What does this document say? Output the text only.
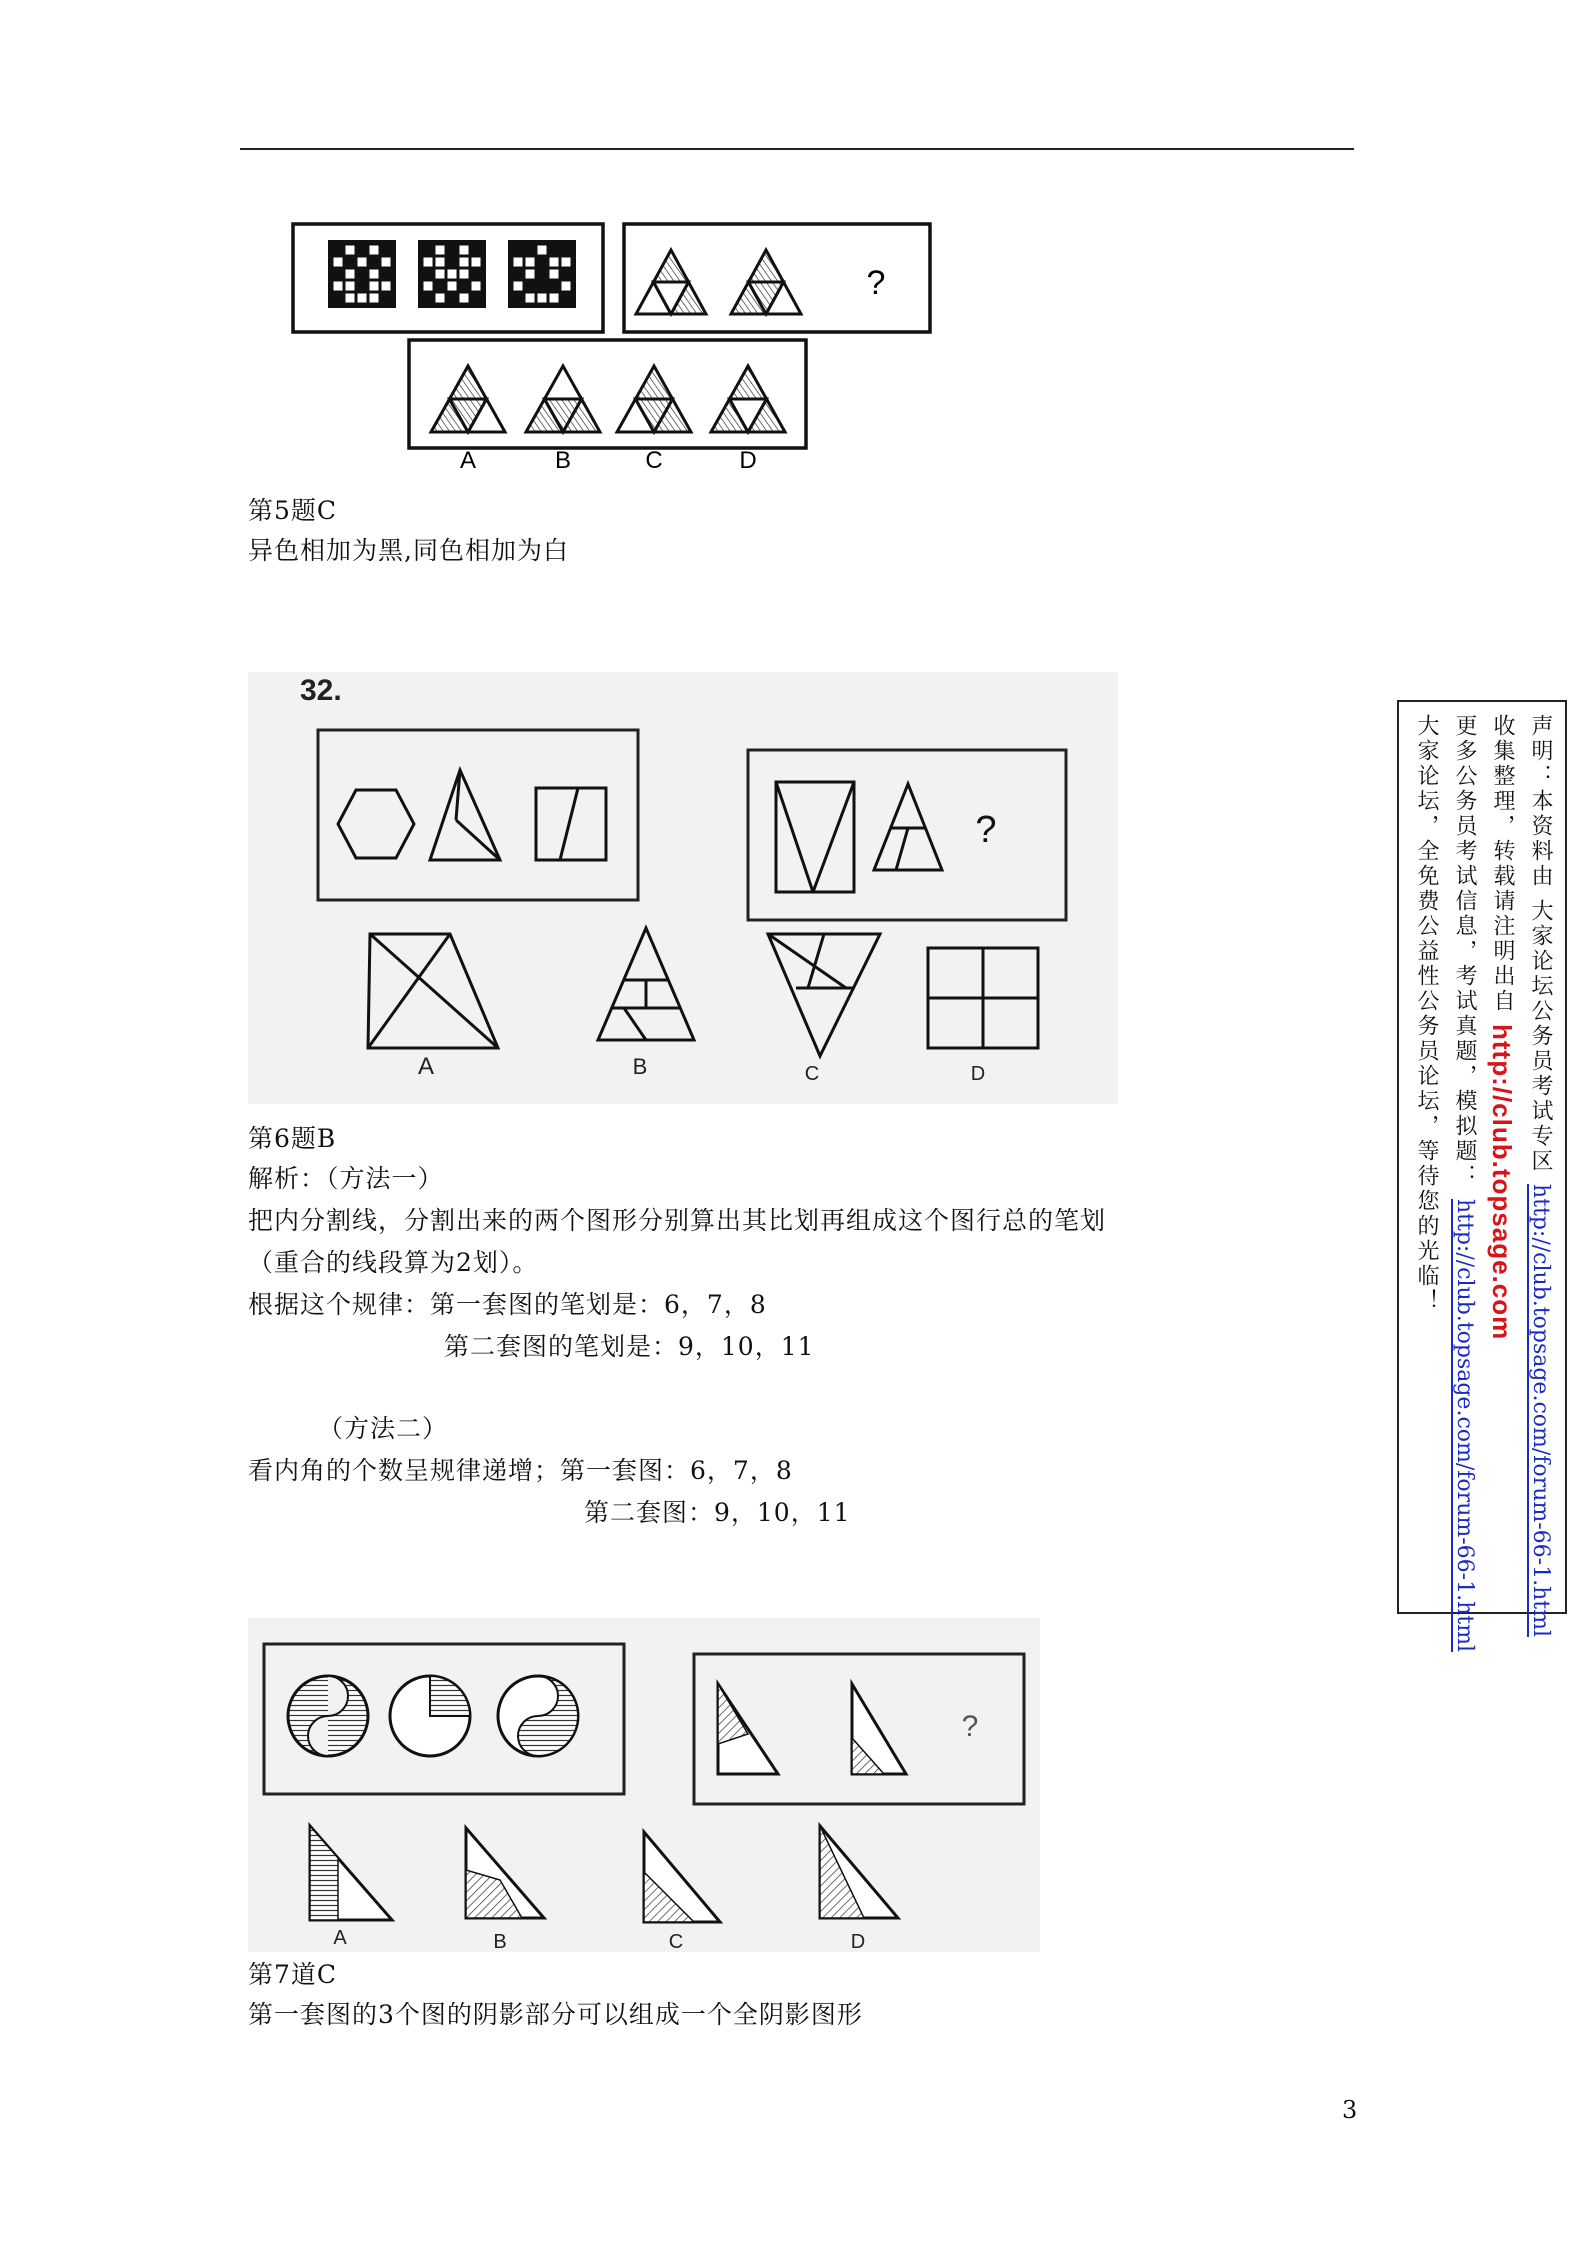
?
A	B	C	D
第5题C
异色相加为黑,同色相加为白
32.
?
A	B	C	D
第6题B
解析：（方法一）
把内分割线，分割出来的两个图形分别算出其比划再组成这个图行总的笔划
（重合的线段算为2划）。
根据这个规律：第一套图的笔划是：6，7，8
第二套图的笔划是：9，10，11
（方法二）
看内角的个数呈规律递增；第一套图：6，7，8
第二套图：9，10，11
?
A	B	C	D
第7道C
第一套图的3个图的阴影部分可以组成一个全阴影图形
3
声明：本资料由 大家论坛公务员考试专区 http://club.topsage.com/forum-66-1.html
收集整理，转载请注明出自 http://club.topsage.com
更多公务员考试信息，考试真题，模拟题： http://club.topsage.com/forum-66-1.html
大家论坛，全免费公益性公务员论坛，等待您的光临！
